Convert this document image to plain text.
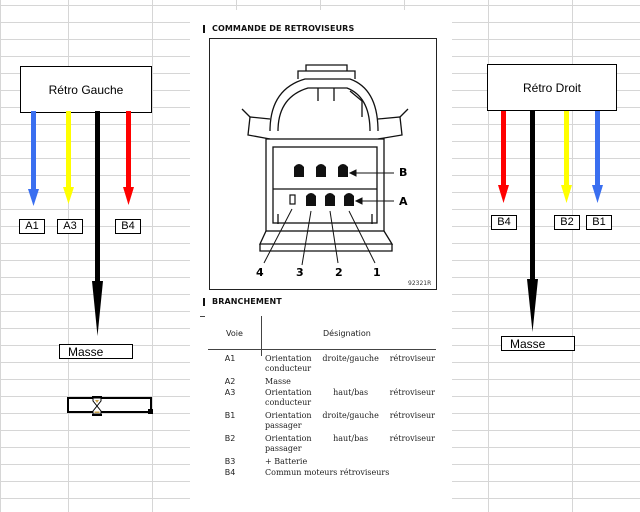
Rétro Gauche
A1	A3	B4
Masse
Rétro Droit
B4	B2	B1
Masse
COMMANDE DE RETROVISEURS
B
A
4	3	2	1
92321R
BRANCHEMENT
Voie	Désignation
A1	Orientation droite/gauche rétroviseur conducteur
A2	Masse
A3	Orientation haut/bas rétroviseur conducteur
B1	Orientation droite/gauche rétroviseur passager
B2	Orientation haut/bas rétroviseur passager
B3	+ Batterie
B4	Commun moteurs rétroviseurs
